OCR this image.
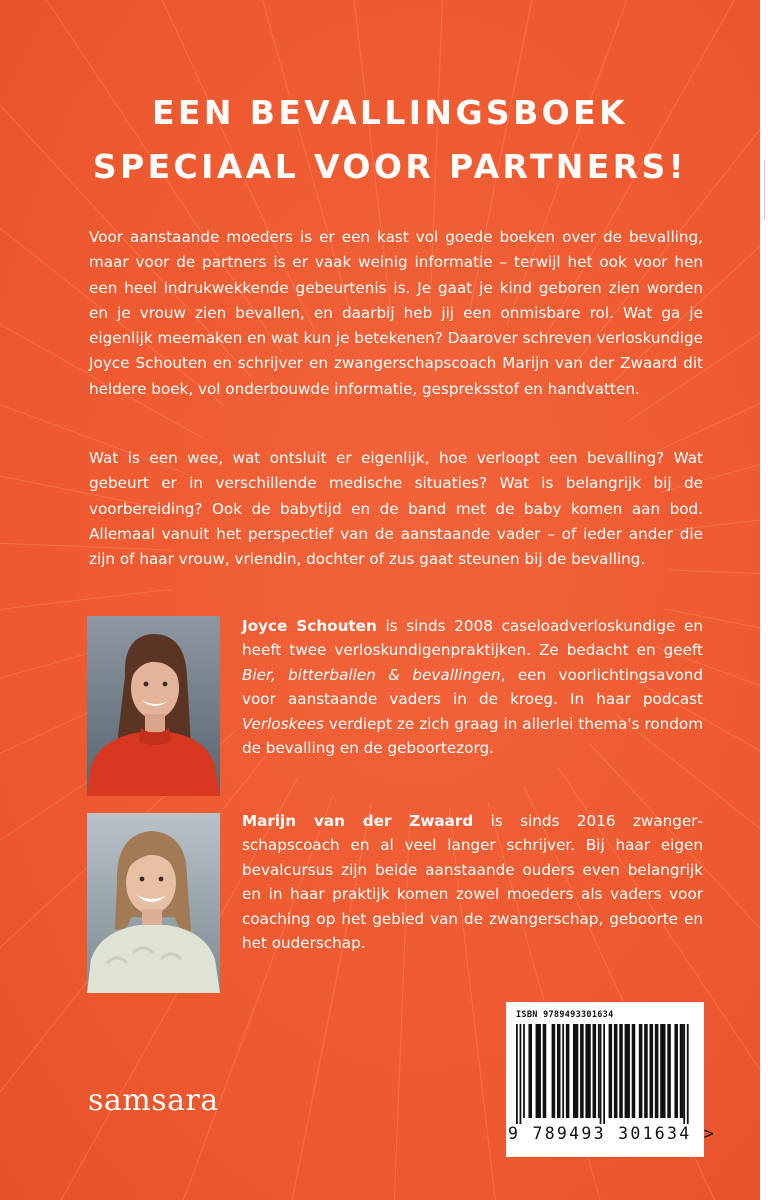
EEN BEVALLINGSBOEK
SPECIAAL VOOR PARTNERS!

Voor aanstaande moeders is er een kast vol goede boeken over de bevalling, maar voor de partners is er vaak weinig informatie – terwijl het ook voor hen een heel indrukwekkende gebeurtenis is. Je gaat je kind geboren zien worden en je vrouw zien bevallen, en daarbij heb jij een onmisbare rol. Wat ga je eigenlijk meemaken en wat kun je betekenen? Daarover schreven verloskundige Joyce Schouten en schrijver en zwangerschapscoach Marijn van der Zwaard dit heldere boek, vol onderbouwde informatie, gespreksstof en handvatten.

Wat is een wee, wat ontsluit er eigenlijk, hoe verloopt een bevalling? Wat gebeurt er in verschillende medische situaties? Wat is belangrijk bij de voorbereiding? Ook de babytijd en de band met de baby komen aan bod. Allemaal vanuit het perspectief van de aanstaande vader – of ieder ander die zijn of haar vrouw, vriendin, dochter of zus gaat steunen bij de bevalling.

Joyce Schouten is sinds 2008 caseloadverloskundige en heeft twee verloskundigenpraktijken. Ze bedacht en geeft Bier, bitterballen & bevallingen, een voorlichtingsavond voor aanstaande vaders in de kroeg. In haar podcast Verloskees verdiept ze zich graag in allerlei thema's rondom de bevalling en de geboortezorg.

Marijn van der Zwaard is sinds 2016 zwangerschapscoach en al veel langer schrijver. Bij haar eigen bevalcursus zijn beide aanstaande ouders even belangrijk en in haar praktijk komen zowel moeders als vaders voor coaching op het gebied van de zwangerschap, geboorte en het ouderschap.

samsara
ISBN 9789493301634
9 789493 301634 >
